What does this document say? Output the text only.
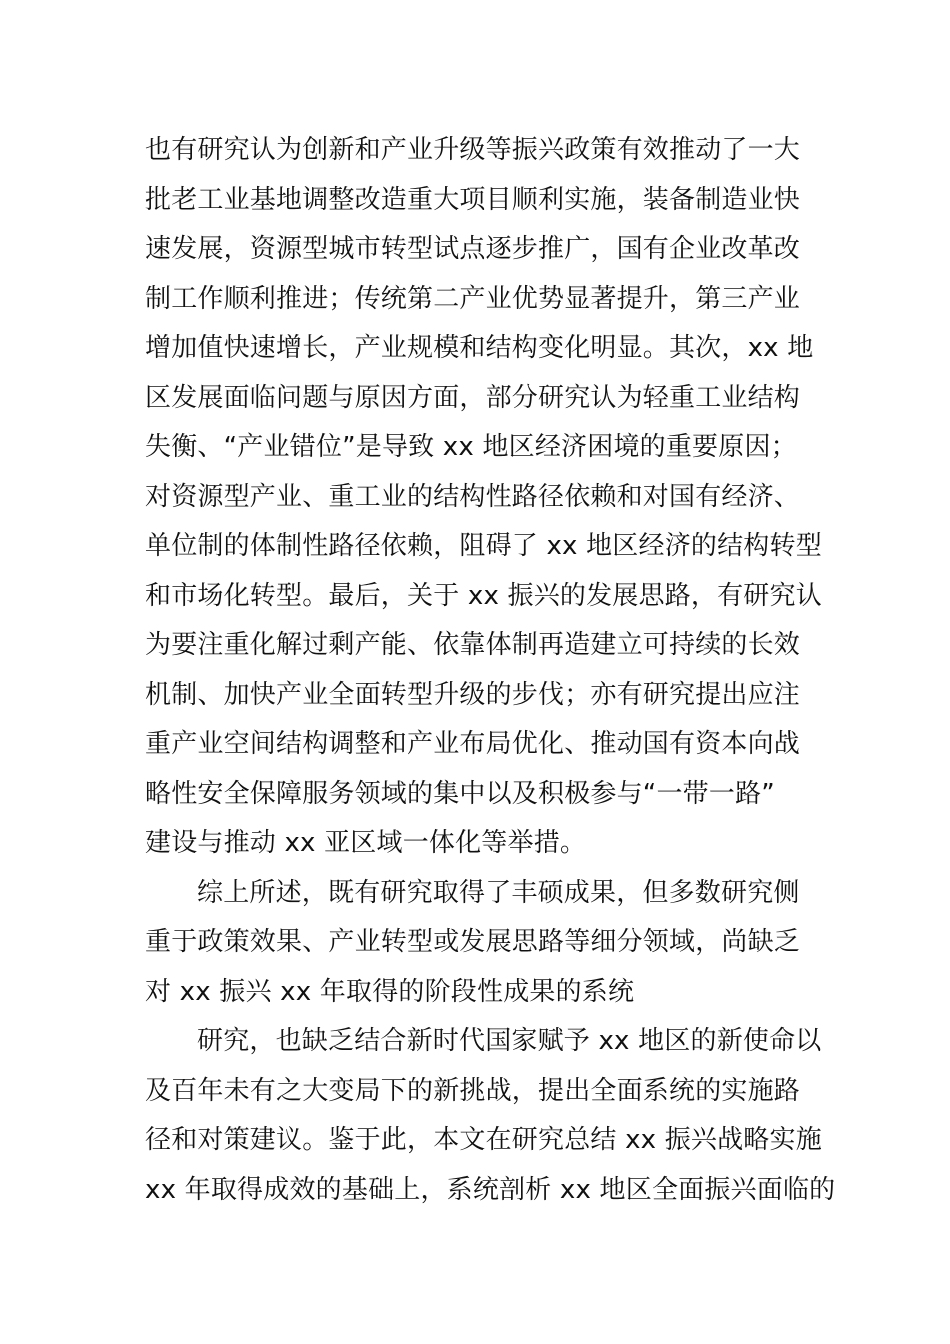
也有研究认为创新和产业升级等振兴政策有效推动了一大
批老工业基地调整改造重大项目顺利实施，装备制造业快
速发展，资源型城市转型试点逐步推广，国有企业改革改
制工作顺利推进；传统第二产业优势显著提升，第三产业
增加值快速增长，产业规模和结构变化明显。其次，xx 地
区发展面临问题与原因方面，部分研究认为轻重工业结构
失衡、“产业错位”是导致 xx 地区经济困境的重要原因；
对资源型产业、重工业的结构性路径依赖和对国有经济、
单位制的体制性路径依赖，阻碍了 xx 地区经济的结构转型
和市场化转型。最后，关于 xx 振兴的发展思路，有研究认
为要注重化解过剩产能、依靠体制再造建立可持续的长效
机制、加快产业全面转型升级的步伐；亦有研究提出应注
重产业空间结构调整和产业布局优化、推动国有资本向战
略性安全保障服务领域的集中以及积极参与“一带一路”
建设与推动 xx 亚区域一体化等举措。
综上所述，既有研究取得了丰硕成果，但多数研究侧
重于政策效果、产业转型或发展思路等细分领域，尚缺乏
对 xx 振兴 xx 年取得的阶段性成果的系统
研究，也缺乏结合新时代国家赋予 xx 地区的新使命以
及百年未有之大变局下的新挑战，提出全面系统的实施路
径和对策建议。鉴于此，本文在研究总结 xx 振兴战略实施
xx 年取得成效的基础上，系统剖析 xx 地区全面振兴面临的
